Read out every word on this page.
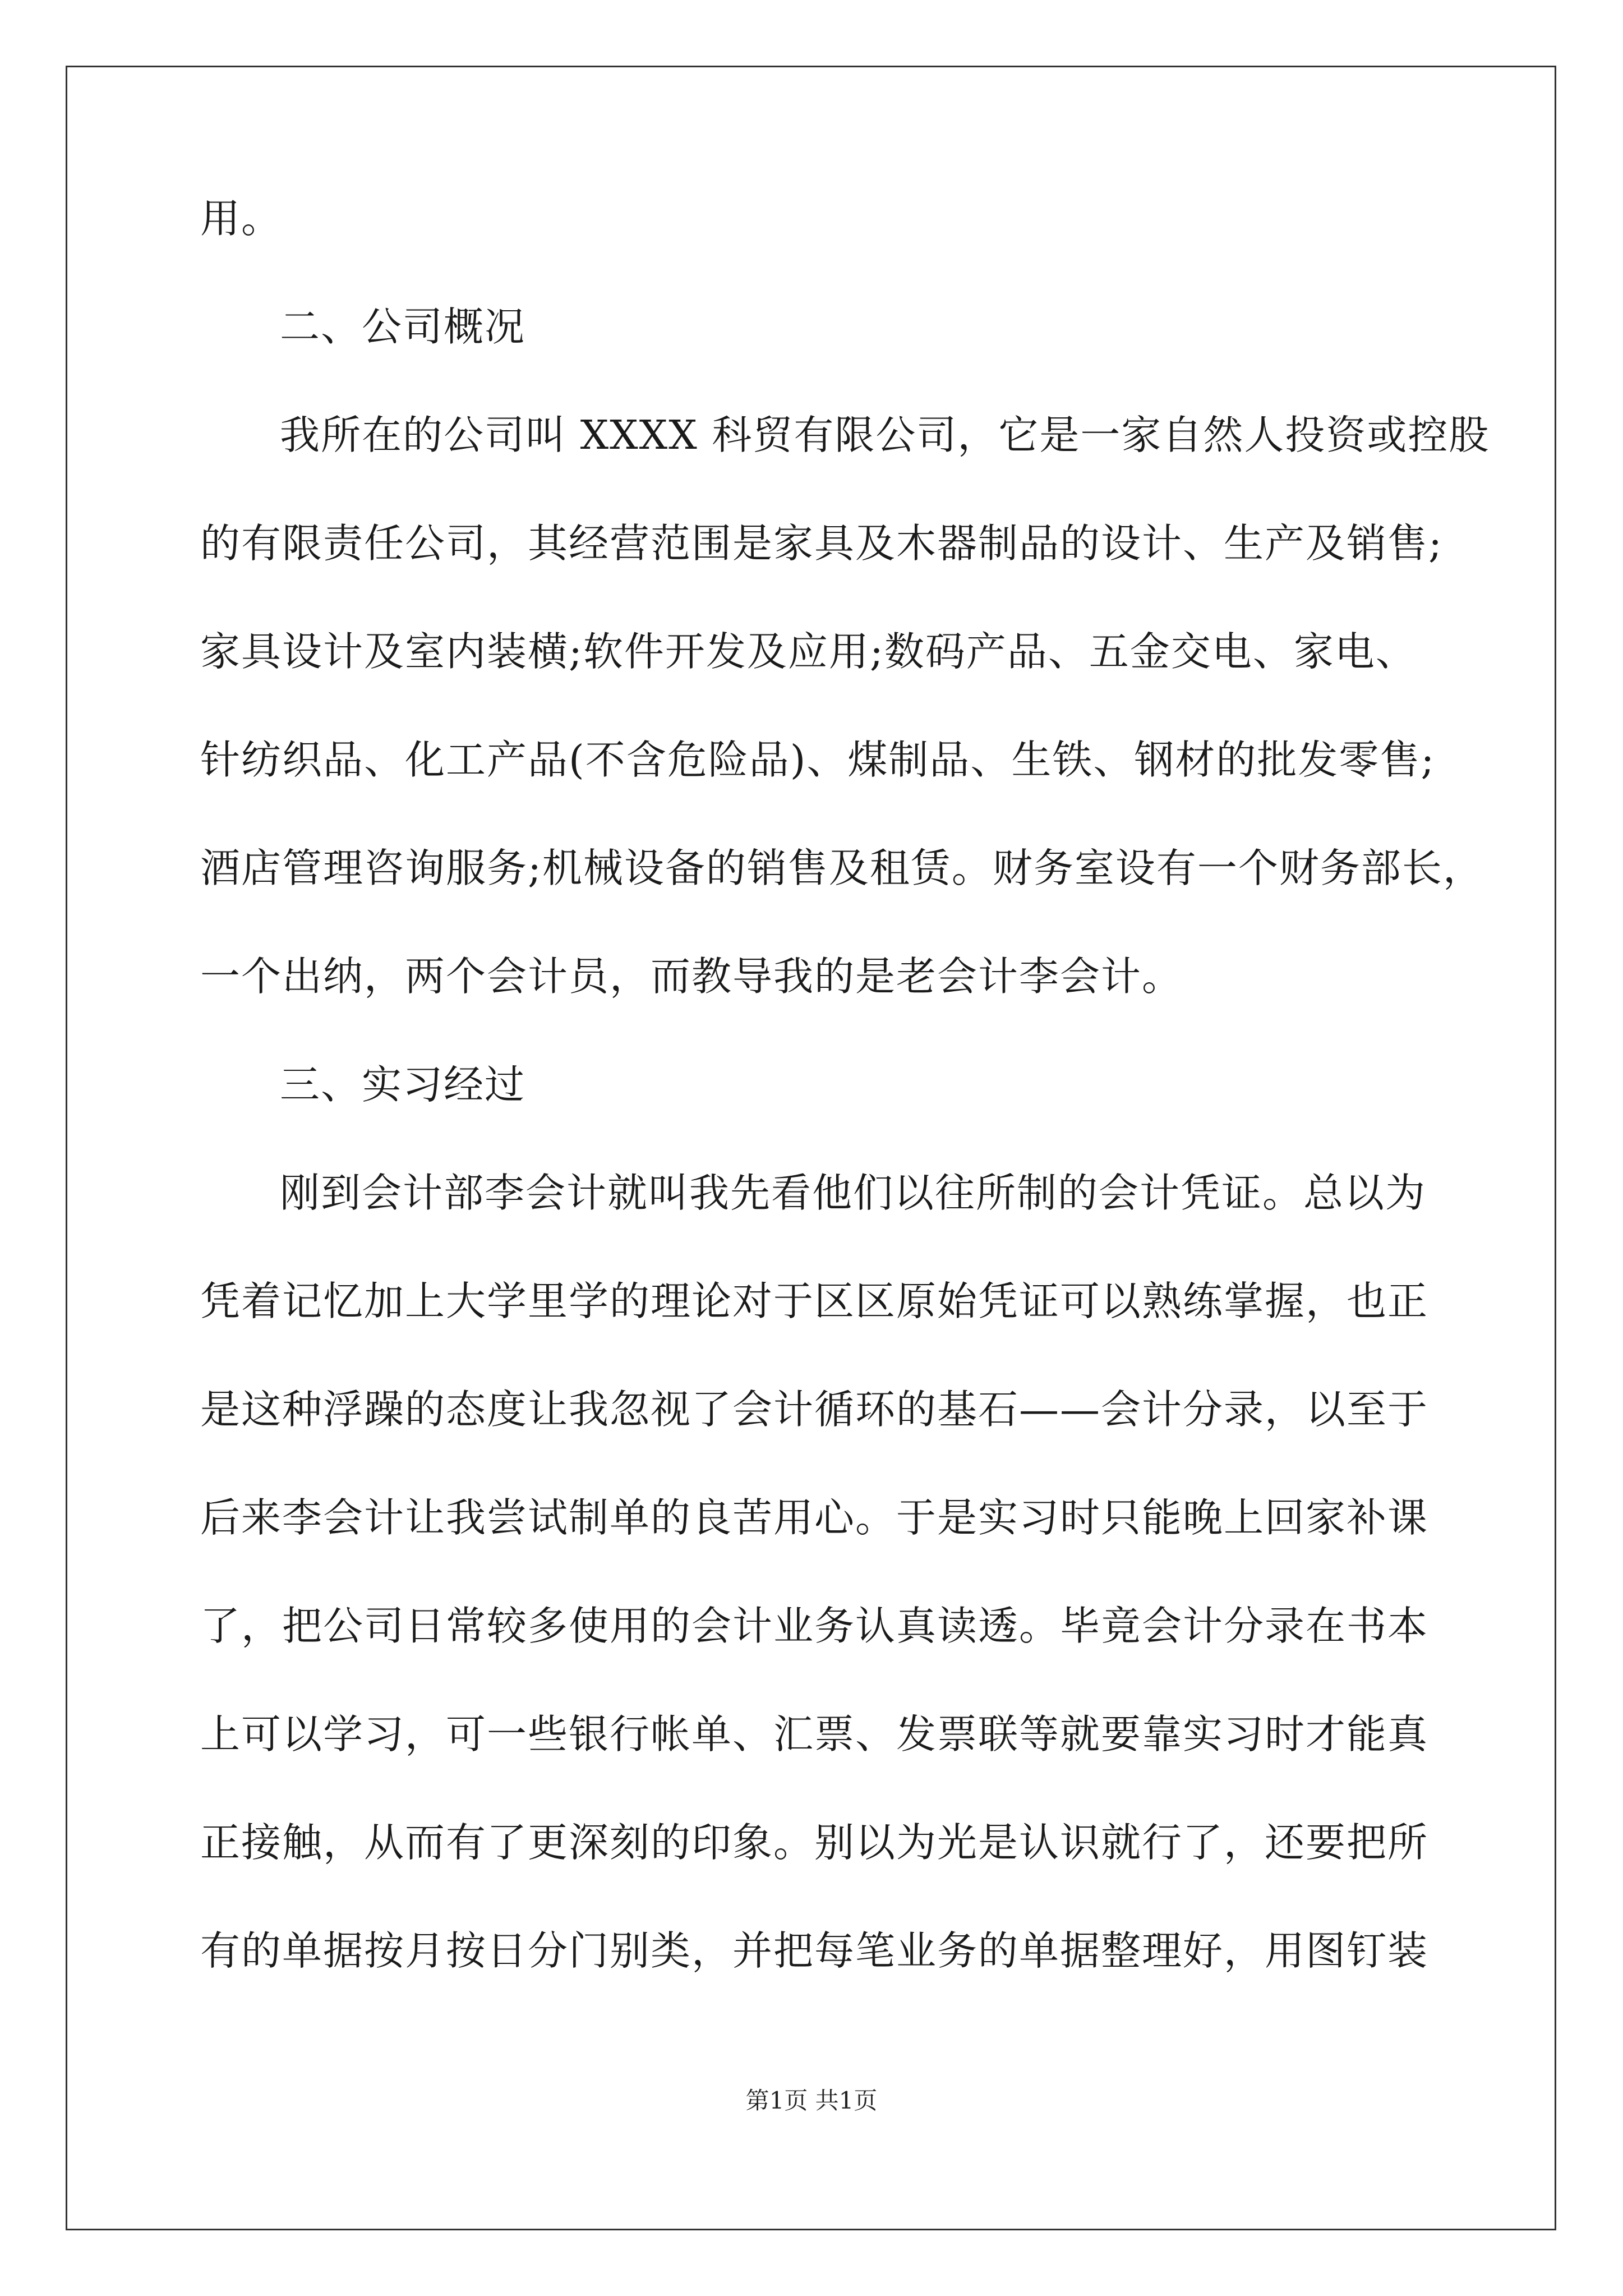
用。
二、公司概况
我所在的公司叫 XXXX 科贸有限公司，它是一家自然人投资或控股
的有限责任公司，其经营范围是家具及木器制品的设计、生产及销售;
家具设计及室内装横;软件开发及应用;数码产品、五金交电、家电、
针纺织品、化工产品(不含危险品)、煤制品、生铁、钢材的批发零售;
酒店管理咨询服务;机械设备的销售及租赁。财务室设有一个财务部长，
一个出纳，两个会计员，而教导我的是老会计李会计。
三、实习经过
刚到会计部李会计就叫我先看他们以往所制的会计凭证。总以为
凭着记忆加上大学里学的理论对于区区原始凭证可以熟练掌握，也正
是这种浮躁的态度让我忽视了会计循环的基石——会计分录，以至于
后来李会计让我尝试制单的良苦用心。于是实习时只能晚上回家补课
了，把公司日常较多使用的会计业务认真读透。毕竟会计分录在书本
上可以学习，可一些银行帐单、汇票、发票联等就要靠实习时才能真
正接触，从而有了更深刻的印象。别以为光是认识就行了，还要把所
有的单据按月按日分门别类，并把每笔业务的单据整理好，用图钉装
第1页 共1页
